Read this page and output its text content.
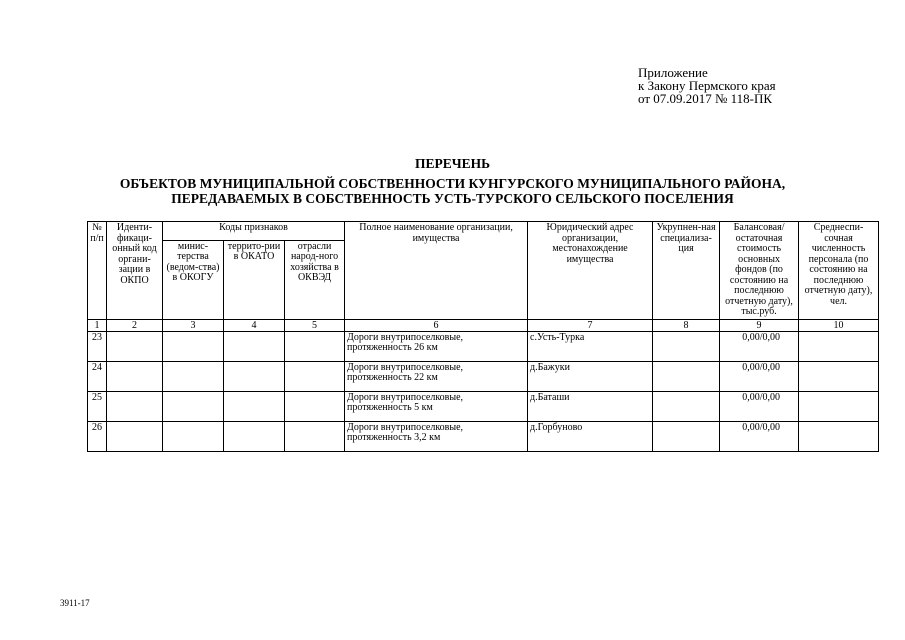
Приложение
к Закону Пермского края
от 07.09.2017 № 118-ПК
ПЕРЕЧЕНЬ
ОБЪЕКТОВ МУНИЦИПАЛЬНОЙ СОБСТВЕННОСТИ КУНГУРСКОГО МУНИЦИПАЛЬНОГО РАЙОНА,
ПЕРЕДАВАЕМЫХ В СОБСТВЕННОСТЬ УСТЬ-ТУРСКОГО СЕЛЬСКОГО ПОСЕЛЕНИЯ
№ п/п	Иденти-фикаци-онный код органи-зации в ОКПО	Коды признаков			Полное наименование организации, имущества	Юридический адрес организации, местонахождение имущества	Укрупнен-ная специализа-ция	Балансовая/ остаточная стоимость основных фондов (по состоянию на последнюю отчетную дату), тыс.руб.	Среднеспи-сочная численность персонала (по состоянию на последнюю отчетную дату), чел.
		минис-терства (ведом-ства) в ОКОГУ	террито-рии в ОКАТО	отрасли народ-ного хозяйства в ОКВЭД					
1	2	3	4	5	6	7	8	9	10
23					Дороги внутрипоселковые, протяженность 26 км	с.Усть-Турка		0,00/0,00	
24					Дороги внутрипоселковые, протяженность 22 км	д.Бажуки		0,00/0,00	
25					Дороги внутрипоселковые, протяженность 5 км	д.Баташи		0,00/0,00	
26					Дороги внутрипоселковые, протяженность 3,2 км	д.Горбуново		0,00/0,00	
3911-17
